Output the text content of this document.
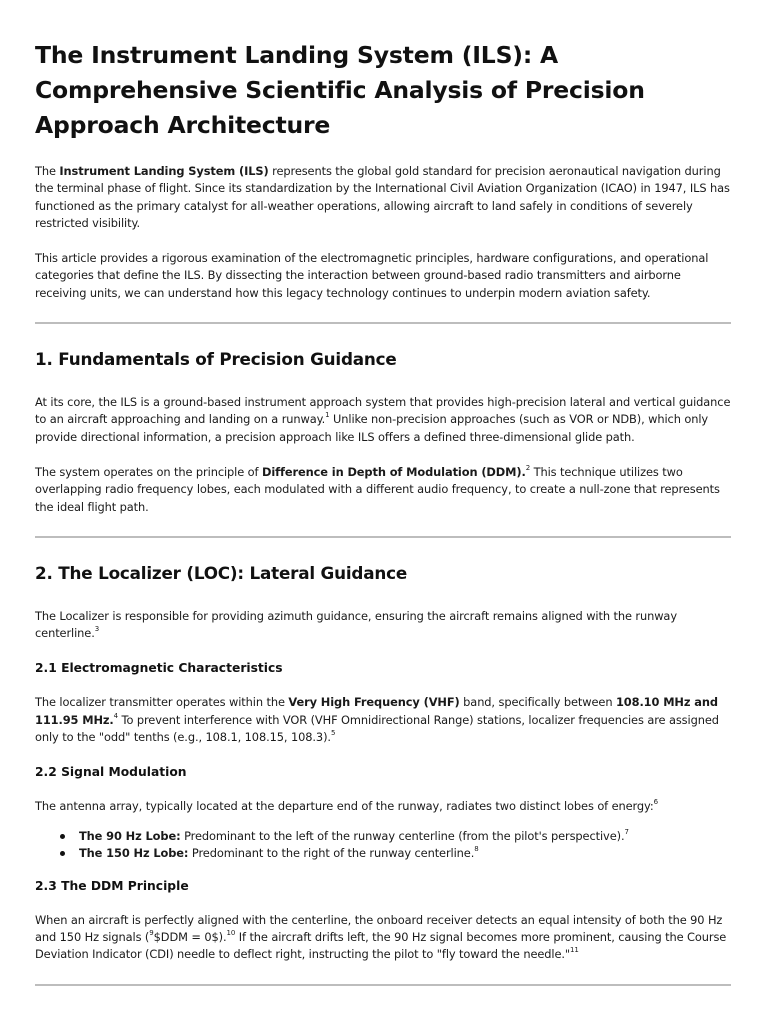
The Instrument Landing System (ILS): A Comprehensive Scientific Analysis of Precision Approach Architecture

The Instrument Landing System (ILS) represents the global gold standard for precision aeronautical navigation during the terminal phase of flight. Since its standardization by the International Civil Aviation Organization (ICAO) in 1947, ILS has functioned as the primary catalyst for all-weather operations, allowing aircraft to land safely in conditions of severely restricted visibility.

This article provides a rigorous examination of the electromagnetic principles, hardware configurations, and operational categories that define the ILS. By dissecting the interaction between ground-based radio transmitters and airborne receiving units, we can understand how this legacy technology continues to underpin modern aviation safety.

1. Fundamentals of Precision Guidance

At its core, the ILS is a ground-based instrument approach system that provides high-precision lateral and vertical guidance to an aircraft approaching and landing on a runway.$^1$ Unlike non-precision approaches (such as VOR or NDB), which only provide directional information, a precision approach like ILS offers a defined three-dimensional glide path.

The system operates on the principle of Difference in Depth of Modulation (DDM).$^2$ This technique utilizes two overlapping radio frequency lobes, each modulated with a different audio frequency, to create a null-zone that represents the ideal flight path.

2. The Localizer (LOC): Lateral Guidance

The Localizer is responsible for providing azimuth guidance, ensuring the aircraft remains aligned with the runway centerline.$^3$

2.1 Electromagnetic Characteristics

The localizer transmitter operates within the Very High Frequency (VHF) band, specifically between 108.10 MHz and 111.95 MHz.$^4$ To prevent interference with VOR (VHF Omnidirectional Range) stations, localizer frequencies are assigned only to the "odd" tenths (e.g., 108.1, 108.15, 108.3).$^5$

2.2 Signal Modulation

The antenna array, typically located at the departure end of the runway, radiates two distinct lobes of energy:$^6$

The 90 Hz Lobe: Predominant to the left of the runway centerline (from the pilot's perspective).$^7$
The 150 Hz Lobe: Predominant to the right of the runway centerline.$^8$
2.3 The DDM Principle

When an aircraft is perfectly aligned with the centerline, the onboard receiver detects an equal intensity of both the 90 Hz and 150 Hz signals ($^9$\$DDM = 0$).$^{10}$ If the aircraft drifts left, the 90 Hz signal becomes more prominent, causing the Course Deviation Indicator (CDI) needle to deflect right, instructing the pilot to "fly toward the needle."$^{11}$
